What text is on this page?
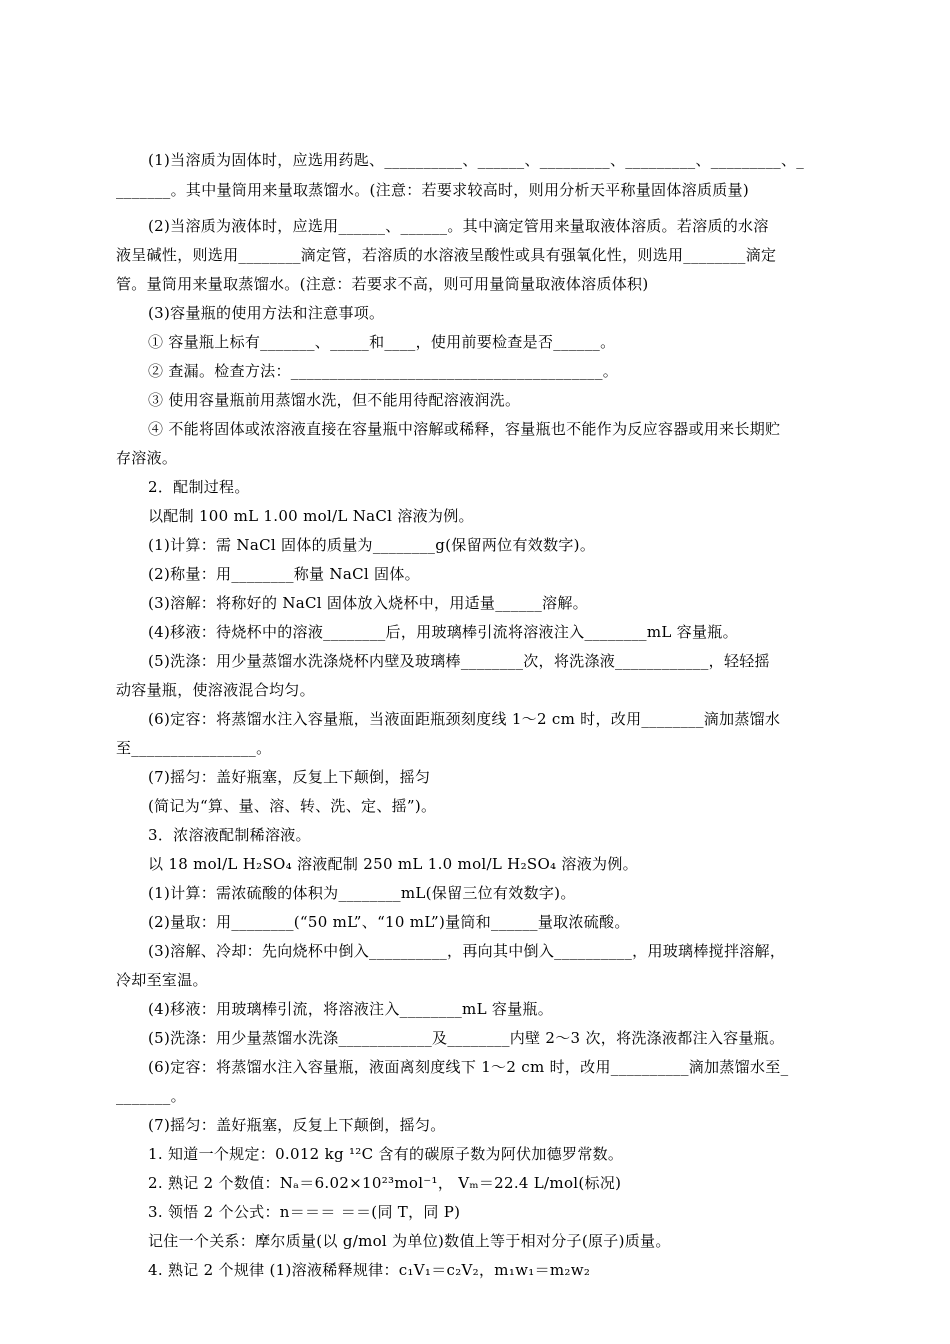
(1)当溶质为固体时，应选用药匙、__________、______、_________、_________、_________、_
_______。其中量筒用来量取蒸馏水。(注意：若要求较高时，则用分析天平称量固体溶质质量)
(2)当溶质为液体时，应选用______、______。其中滴定管用来量取液体溶质。若溶质的水溶
液呈碱性，则选用________滴定管，若溶质的水溶液呈酸性或具有强氧化性，则选用________滴定
管。量筒用来量取蒸馏水。(注意：若要求不高，则可用量筒量取液体溶质体积)
(3)容量瓶的使用方法和注意事项。
① 容量瓶上标有_______、_____和____，使用前要检查是否______。
② 查漏。检查方法：________________________________________。
③ 使用容量瓶前用蒸馏水洗，但不能用待配溶液润洗。
④ 不能将固体或浓溶液直接在容量瓶中溶解或稀释，容量瓶也不能作为反应容器或用来长期贮
存溶液。
2．配制过程。
以配制 100 mL 1.00 mol/L NaCl 溶液为例。
(1)计算：需 NaCl 固体的质量为________g(保留两位有效数字)。
(2)称量：用________称量 NaCl 固体。
(3)溶解：将称好的 NaCl 固体放入烧杯中，用适量______溶解。
(4)移液：待烧杯中的溶液________后，用玻璃棒引流将溶液注入________mL 容量瓶。
(5)洗涤：用少量蒸馏水洗涤烧杯内壁及玻璃棒________次，将洗涤液____________，轻轻摇
动容量瓶，使溶液混合均匀。
(6)定容：将蒸馏水注入容量瓶，当液面距瓶颈刻度线 1～2 cm 时，改用________滴加蒸馏水
至________________。
(7)摇匀：盖好瓶塞，反复上下颠倒，摇匀
(简记为“算、量、溶、转、洗、定、摇”)。
3．浓溶液配制稀溶液。
以 18 mol/L H₂SO₄ 溶液配制 250 mL 1.0 mol/L H₂SO₄ 溶液为例。
(1)计算：需浓硫酸的体积为________mL(保留三位有效数字)。
(2)量取：用________(“50 mL”、“10 mL”)量筒和______量取浓硫酸。
(3)溶解、冷却：先向烧杯中倒入__________，再向其中倒入__________，用玻璃棒搅拌溶解，
冷却至室温。
(4)移液：用玻璃棒引流，将溶液注入________mL 容量瓶。
(5)洗涤：用少量蒸馏水洗涤____________及________内壁 2～3 次，将洗涤液都注入容量瓶。
(6)定容：将蒸馏水注入容量瓶，液面离刻度线下 1～2 cm 时，改用__________滴加蒸馏水至_
_______。
(7)摇匀：盖好瓶塞，反复上下颠倒，摇匀。
1. 知道一个规定：0.012 kg ¹²C 含有的碳原子数为阿伏加德罗常数。
2. 熟记 2 个数值：Nₐ＝6.02×10²³mol⁻¹， Vₘ＝22.4 L/mol(标况)
3. 领悟 2 个公式：n＝＝＝ ＝＝(同 T，同 P)
记住一个关系：摩尔质量(以 g/mol 为单位)数值上等于相对分子(原子)质量。
4. 熟记 2 个规律 (1)溶液稀释规律：c₁V₁＝c₂V₂，m₁w₁＝m₂w₂
